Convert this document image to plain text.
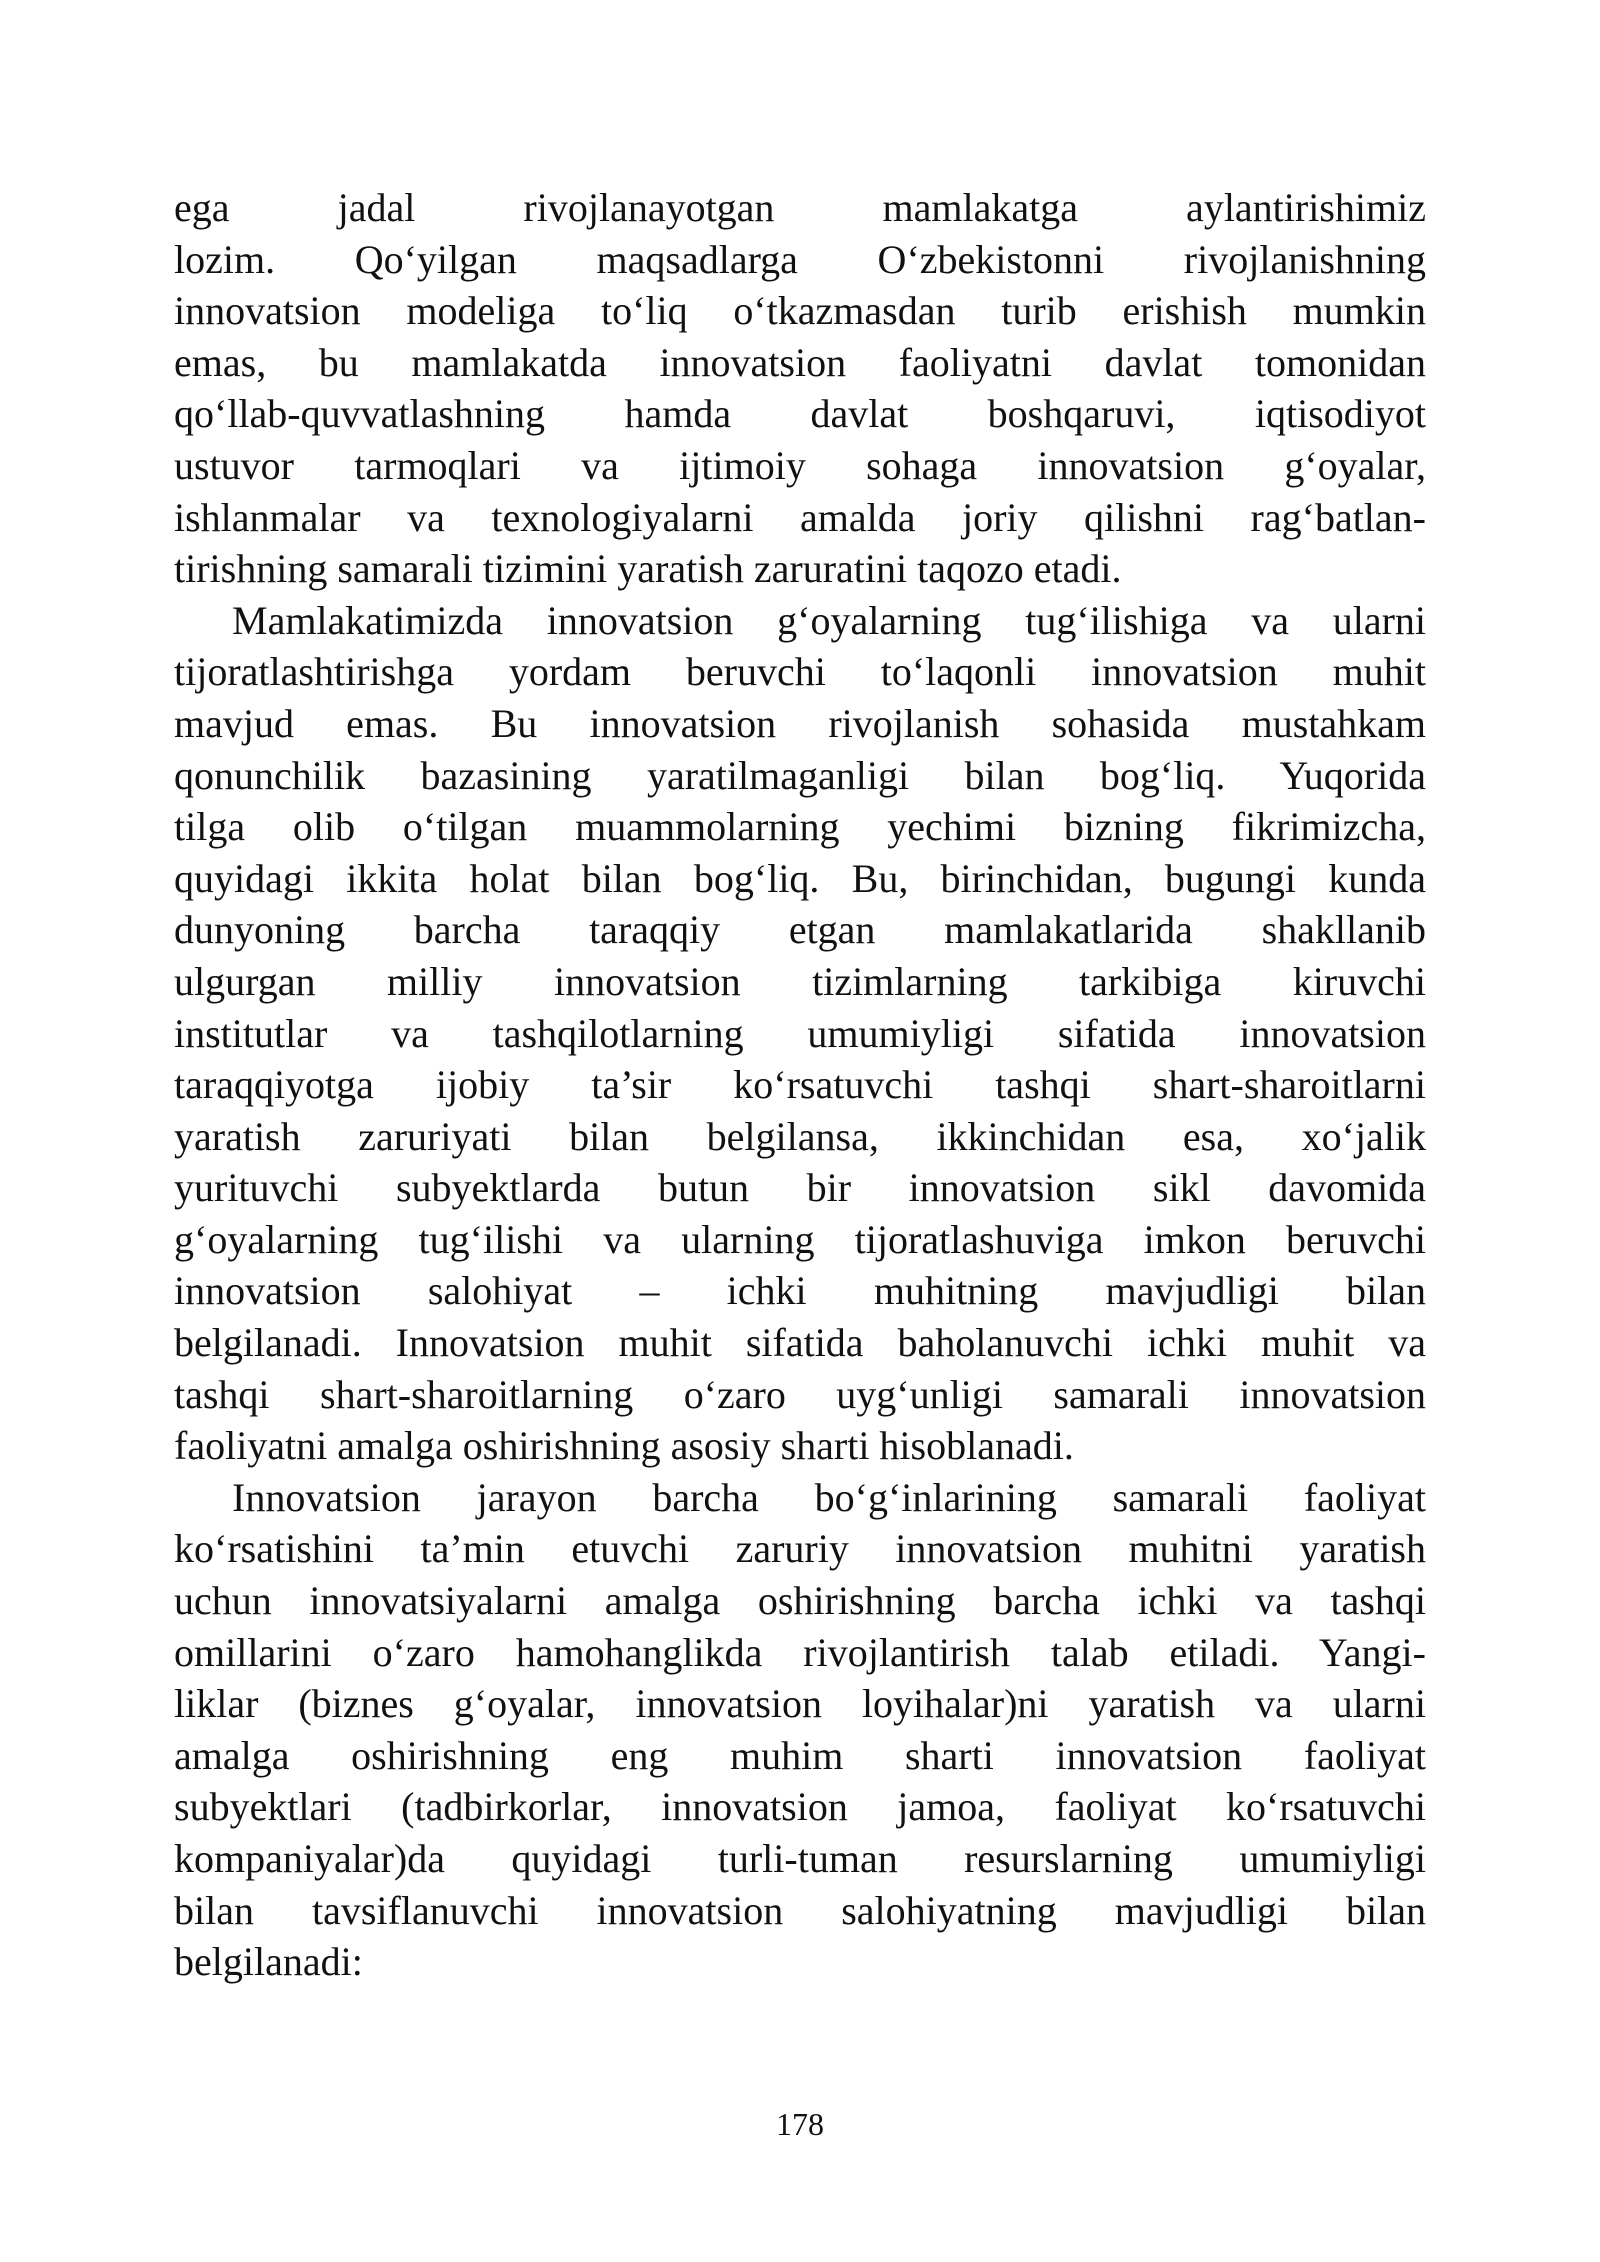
ega jadal rivojlanayotgan mamlakatga aylantirishimiz
lozim. Qo‘yilgan maqsadlarga O‘zbekistonni rivojlanishning
innovatsion modeliga to‘liq o‘tkazmasdan turib erishish mumkin
emas, bu mamlakatda innovatsion faoliyatni davlat tomonidan
qo‘llab-quvvatlashning hamda davlat boshqaruvi, iqtisodiyot
ustuvor tarmoqlari va ijtimoiy sohaga innovatsion g‘oyalar,
ishlanmalar va texnologiyalarni amalda joriy qilishni rag‘batlan-
tirishning samarali tizimini yaratish zaruratini taqozo etadi.
Mamlakatimizda innovatsion g‘oyalarning tug‘ilishiga va ularni
tijoratlashtirishga yordam beruvchi to‘laqonli innovatsion muhit
mavjud emas. Bu innovatsion rivojlanish sohasida mustahkam
qonunchilik bazasining yaratilmaganligi bilan bog‘liq. Yuqorida
tilga olib o‘tilgan muammolarning yechimi bizning fikrimizcha,
quyidagi ikkita holat bilan bog‘liq. Bu, birinchidan, bugungi kunda
dunyoning barcha taraqqiy etgan mamlakatlarida shakllanib
ulgurgan milliy innovatsion tizimlarning tarkibiga kiruvchi
institutlar va tashqilotlarning umumiyligi sifatida innovatsion
taraqqiyotga ijobiy ta’sir ko‘rsatuvchi tashqi shart-sharoitlarni
yaratish zaruriyati bilan belgilansa, ikkinchidan esa, xo‘jalik
yurituvchi subyektlarda butun bir innovatsion sikl davomida
g‘oyalarning tug‘ilishi va ularning tijoratlashuviga imkon beruvchi
innovatsion salohiyat – ichki muhitning mavjudligi bilan
belgilanadi. Innovatsion muhit sifatida baholanuvchi ichki muhit va
tashqi shart-sharoitlarning o‘zaro uyg‘unligi samarali innovatsion
faoliyatni amalga oshirishning asosiy sharti hisoblanadi.
Innovatsion jarayon barcha bo‘g‘inlarining samarali faoliyat
ko‘rsatishini ta’min etuvchi zaruriy innovatsion muhitni yaratish
uchun innovatsiyalarni amalga oshirishning barcha ichki va tashqi
omillarini o‘zaro hamohanglikda rivojlantirish talab etiladi. Yangi-
liklar (biznes g‘oyalar, innovatsion loyihalar)ni yaratish va ularni
amalga oshirishning eng muhim sharti innovatsion faoliyat
subyektlari (tadbirkorlar, innovatsion jamoa, faoliyat ko‘rsatuvchi
kompaniyalar)da quyidagi turli-tuman resurslarning umumiyligi
bilan tavsiflanuvchi innovatsion salohiyatning mavjudligi bilan
belgilanadi:
178
